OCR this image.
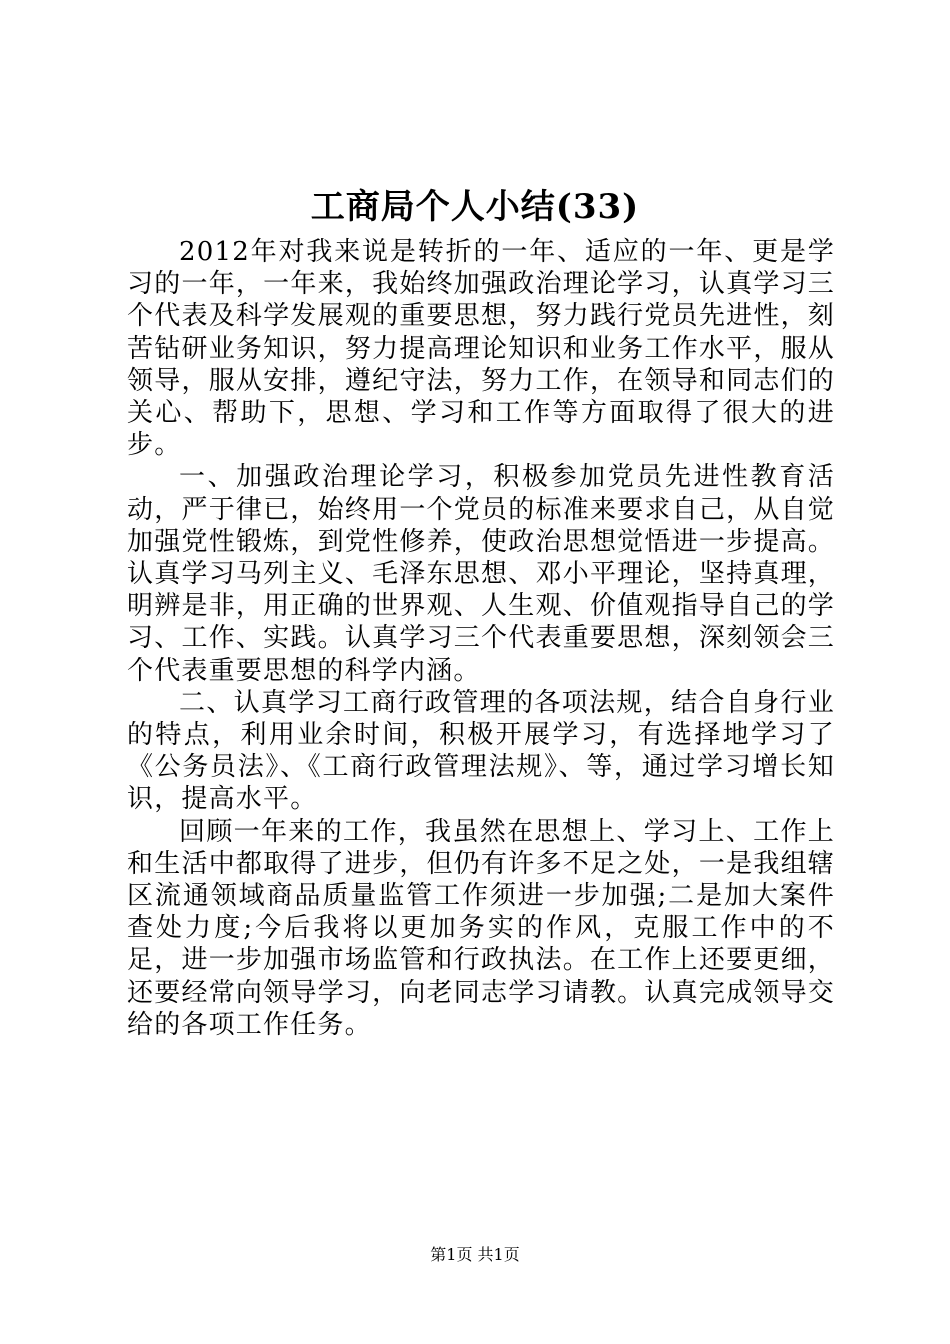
工商局个人小结(33)

2012年对我来说是转折的一年、适应的一年、更是学习的一年，一年来，我始终加强政治理论学习，认真学习三个代表及科学发展观的重要思想，努力践行党员先进性，刻苦钻研业务知识，努力提高理论知识和业务工作水平，服从领导，服从安排，遵纪守法，努力工作，在领导和同志们的关心、帮助下，思想、学习和工作等方面取得了很大的进步。

一、加强政治理论学习，积极参加党员先进性教育活动，严于律已，始终用一个党员的标准来要求自己，从自觉加强党性锻炼，到党性修养，使政治思想觉悟进一步提高。认真学习马列主义、毛泽东思想、邓小平理论，坚持真理，明辨是非，用正确的世界观、人生观、价值观指导自己的学习、工作、实践。认真学习三个代表重要思想，深刻领会三个代表重要思想的科学内涵。

二、认真学习工商行政管理的各项法规，结合自身行业的特点，利用业余时间，积极开展学习，有选择地学习了《公务员法》、《工商行政管理法规》、等，通过学习增长知识，提高水平。

回顾一年来的工作，我虽然在思想上、学习上、工作上和生活中都取得了进步，但仍有许多不足之处，一是我组辖区流通领域商品质量监管工作须进一步加强;二是加大案件查处力度;今后我将以更加务实的作风，克服工作中的不足，进一步加强市场监管和行政执法。在工作上还要更细，还要经常向领导学习，向老同志学习请教。认真完成领导交给的各项工作任务。

第1页 共1页
